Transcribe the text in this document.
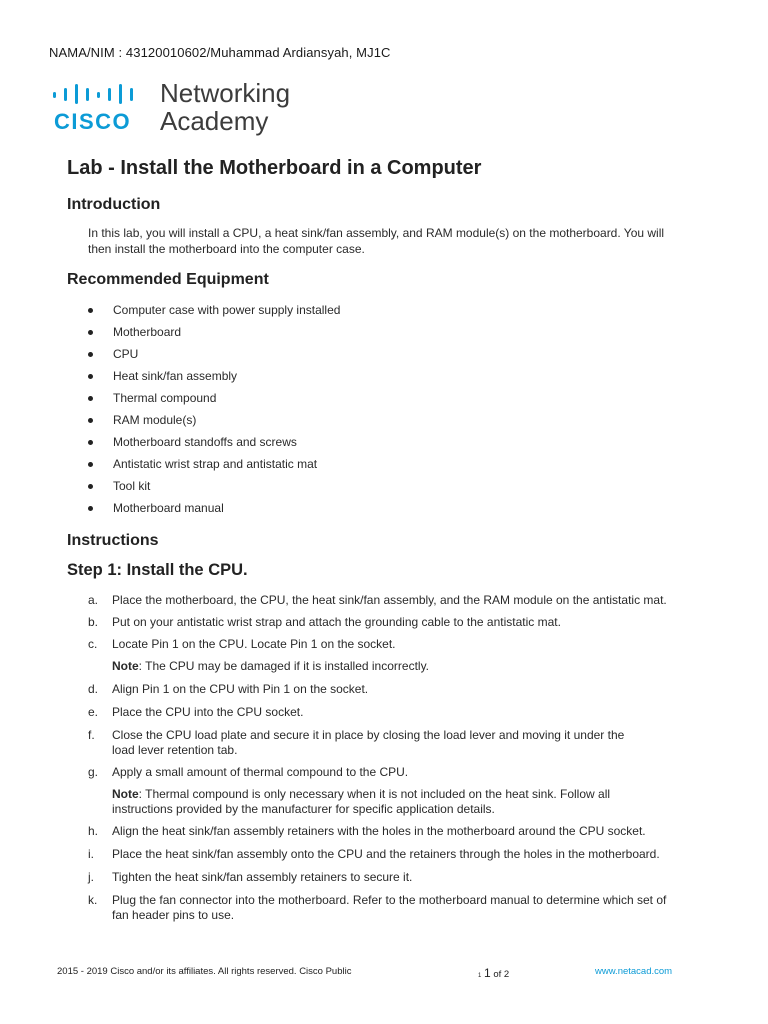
NAMA/NIM : 43120010602/Muhammad Ardiansyah, MJ1C
CISCO
Networking
Academy
Lab - Install the Motherboard in a Computer
Introduction
In this lab, you will install a CPU, a heat sink/fan assembly, and RAM module(s) on the motherboard. You will
then install the motherboard into the computer case.
Recommended Equipment
Computer case with power supply installed
Motherboard
CPU
Heat sink/fan assembly
Thermal compound
RAM module(s)
Motherboard standoffs and screws
Antistatic wrist strap and antistatic mat
Tool kit
Motherboard manual
Instructions
Step 1: Install the CPU.
a. Place the motherboard, the CPU, the heat sink/fan assembly, and the RAM module on the antistatic mat.
b. Put on your antistatic wrist strap and attach the grounding cable to the antistatic mat.
c. Locate Pin 1 on the CPU. Locate Pin 1 on the socket.
Note: The CPU may be damaged if it is installed incorrectly.
d. Align Pin 1 on the CPU with Pin 1 on the socket.
e. Place the CPU into the CPU socket.
f. Close the CPU load plate and secure it in place by closing the load lever and moving it under the
load lever retention tab.
g. Apply a small amount of thermal compound to the CPU.
Note: Thermal compound is only necessary when it is not included on the heat sink. Follow all
instructions provided by the manufacturer for specific application details.
h. Align the heat sink/fan assembly retainers with the holes in the motherboard around the CPU socket.
i. Place the heat sink/fan assembly onto the CPU and the retainers through the holes in the motherboard.
j. Tighten the heat sink/fan assembly retainers to secure it.
k. Plug the fan connector into the motherboard. Refer to the motherboard manual to determine which set of
fan header pins to use.
2015 - 2019 Cisco and/or its affiliates. All rights reserved. Cisco Public	1 1 of 2	www.netacad.com
